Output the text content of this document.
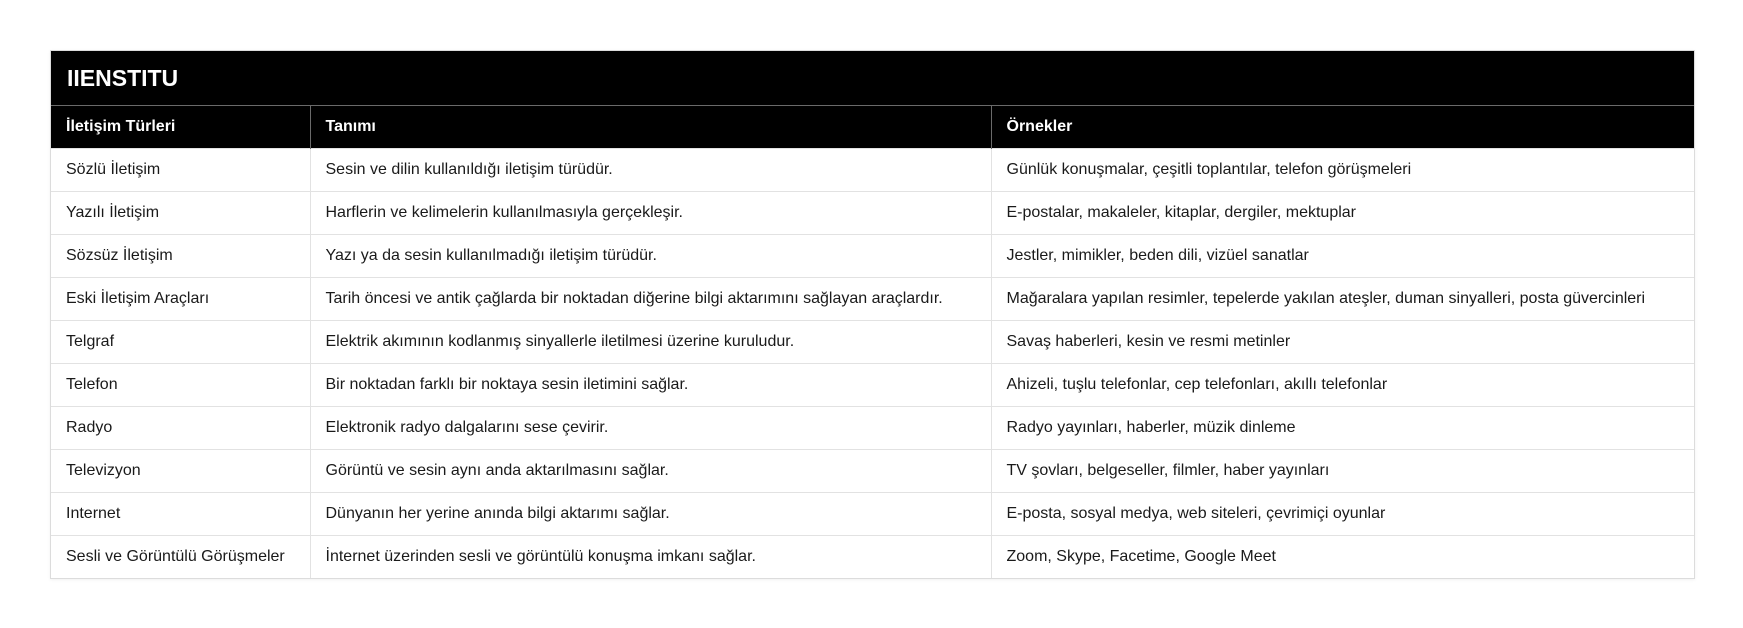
IIENSTITU
İletişim Türleri	Tanımı	Örnekler
Sözlü İletişim	Sesin ve dilin kullanıldığı iletişim türüdür.	Günlük konuşmalar, çeşitli toplantılar, telefon görüşmeleri
Yazılı İletişim	Harflerin ve kelimelerin kullanılmasıyla gerçekleşir.	E-postalar, makaleler, kitaplar, dergiler, mektuplar
Sözsüz İletişim	Yazı ya da sesin kullanılmadığı iletişim türüdür.	Jestler, mimikler, beden dili, vizüel sanatlar
Eski İletişim Araçları	Tarih öncesi ve antik çağlarda bir noktadan diğerine bilgi aktarımını sağlayan araçlardır.	Mağaralara yapılan resimler, tepelerde yakılan ateşler, duman sinyalleri, posta güvercinleri
Telgraf	Elektrik akımının kodlanmış sinyallerle iletilmesi üzerine kuruludur.	Savaş haberleri, kesin ve resmi metinler
Telefon	Bir noktadan farklı bir noktaya sesin iletimini sağlar.	Ahizeli, tuşlu telefonlar, cep telefonları, akıllı telefonlar
Radyo	Elektronik radyo dalgalarını sese çevirir.	Radyo yayınları, haberler, müzik dinleme
Televizyon	Görüntü ve sesin aynı anda aktarılmasını sağlar.	TV şovları, belgeseller, filmler, haber yayınları
Internet	Dünyanın her yerine anında bilgi aktarımı sağlar.	E-posta, sosyal medya, web siteleri, çevrimiçi oyunlar
Sesli ve Görüntülü Görüşmeler	İnternet üzerinden sesli ve görüntülü konuşma imkanı sağlar.	Zoom, Skype, Facetime, Google Meet
